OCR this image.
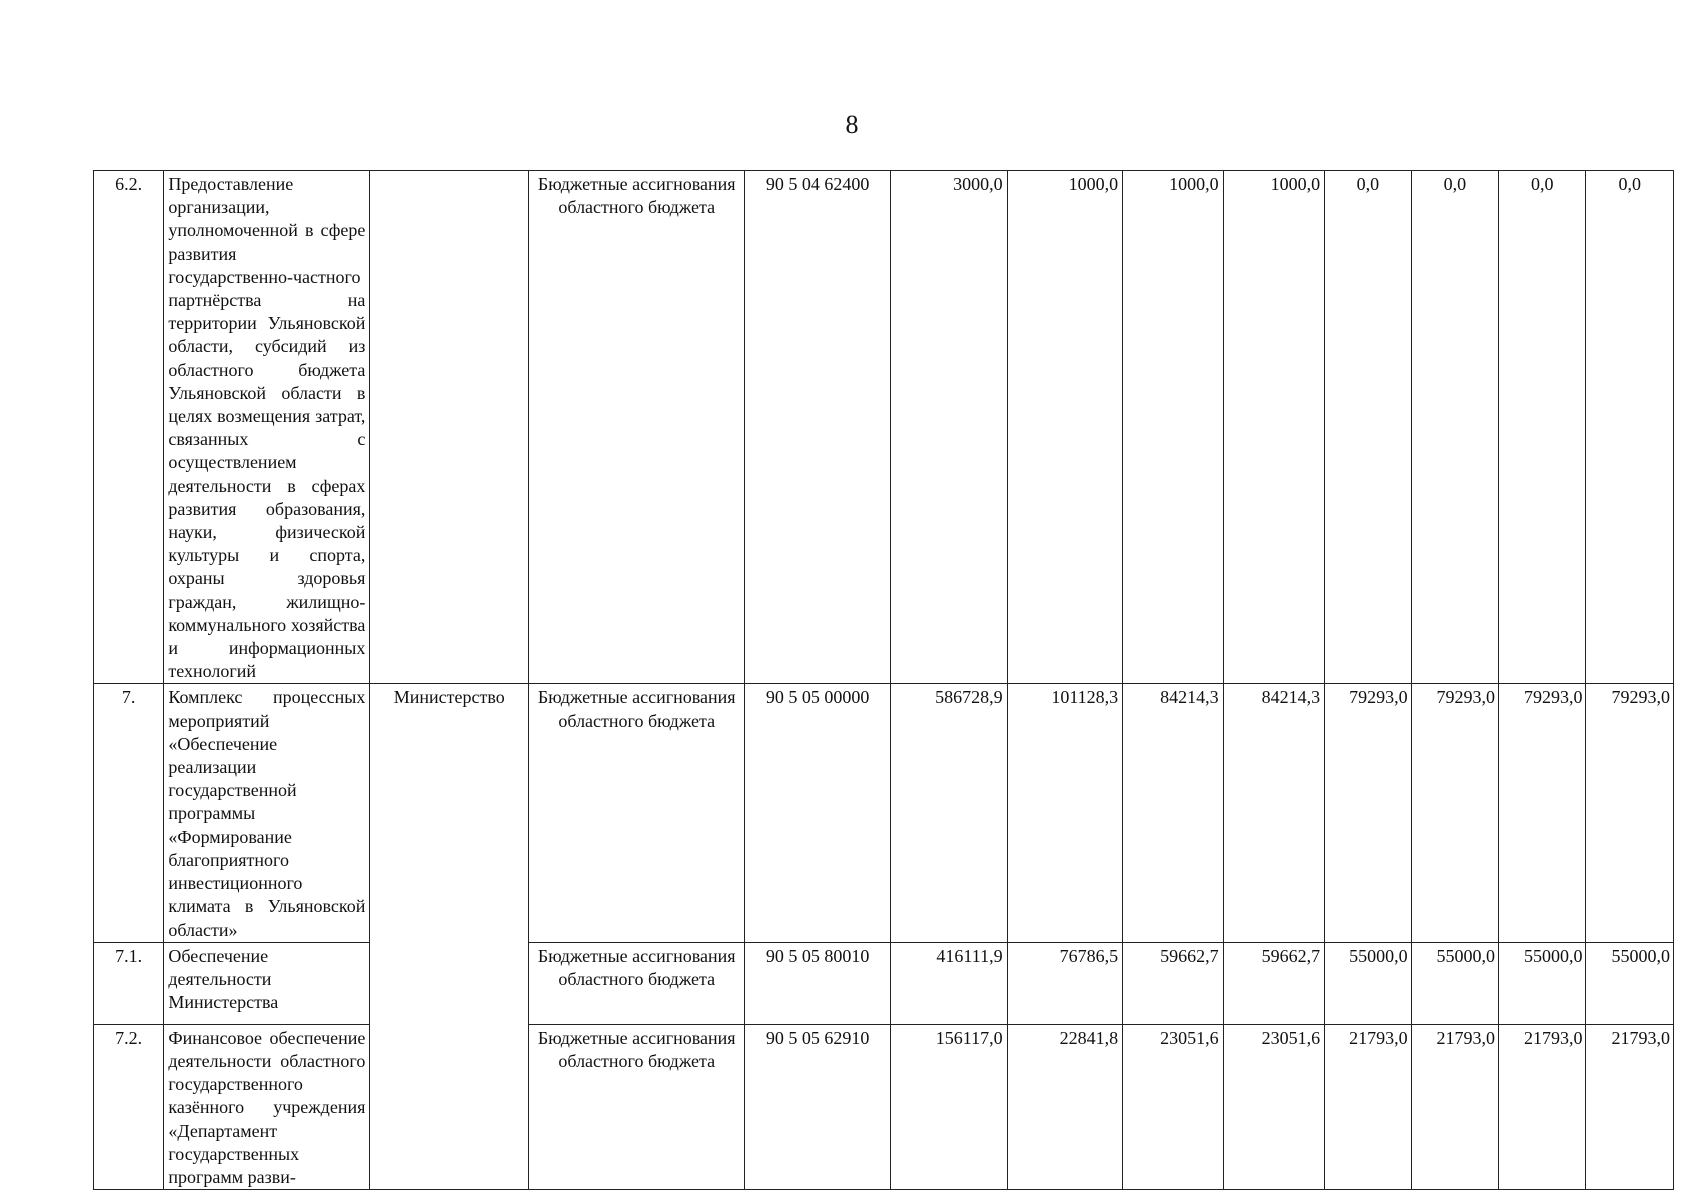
8
6.2.	Предоставление организации, уполномоченной в сфере развития государственно-частного партнёрства на территории Ульяновской области, субсидий из областного бюджета Ульяновской области в целях возмещения затрат, связанных с осуществлением деятельности в сферах развития образования, науки, физической культуры и спорта, охраны здоровья граждан, жилищно-коммунального хозяйства и информационных технологий		Бюджетные ассигнования областного бюджета	90 5 04 62400	3000,0	1000,0	1000,0	1000,0	0,0	0,0	0,0	0,0
7.	Комплекс процессных мероприятий «Обеспечение реализации государственной программы «Формирование благоприятного инвестиционного климата в Ульяновской области»	Министерство	Бюджетные ассигнования областного бюджета	90 5 05 00000	586728,9	101128,3	84214,3	84214,3	79293,0	79293,0	79293,0	79293,0
7.1.	Обеспечение деятельности Министерства		Бюджетные ассигнования областного бюджета	90 5 05 80010	416111,9	76786,5	59662,7	59662,7	55000,0	55000,0	55000,0	55000,0
7.2.	Финансовое обеспечение деятельности областного государственного казённого учреждения «Департамент государственных программ разви-		Бюджетные ассигнования областного бюджета	90 5 05 62910	156117,0	22841,8	23051,6	23051,6	21793,0	21793,0	21793,0	21793,0
